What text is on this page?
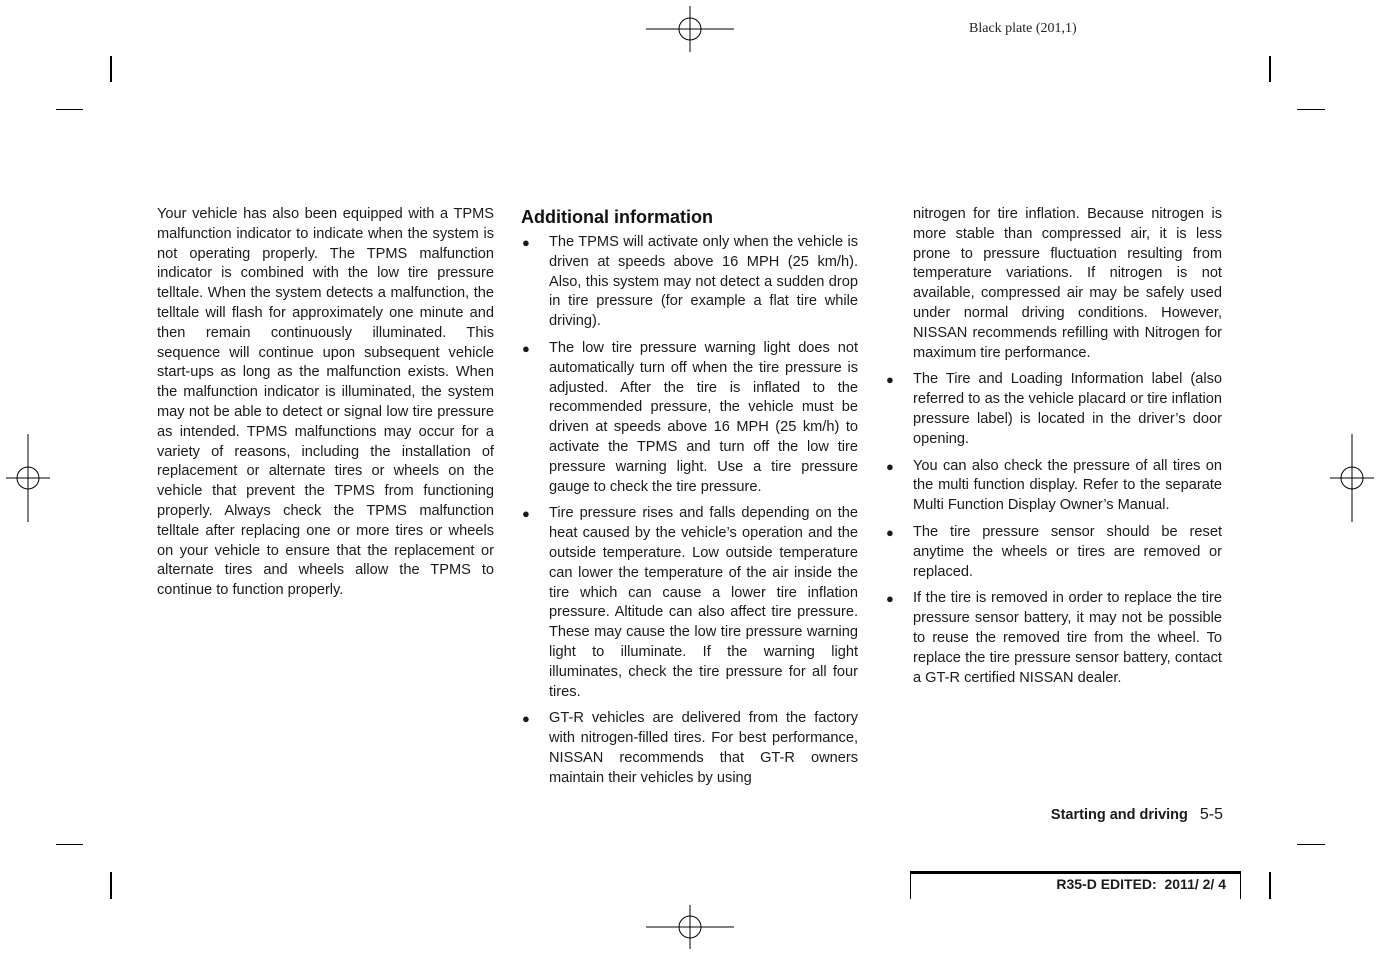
Black plate (201,1)

Your vehicle has also been equipped with a TPMS malfunction indicator to indicate when the system is not operating properly. The TPMS malfunction indicator is combined with the low tire pressure telltale. When the system detects a malfunction, the telltale will flash for approximately one minute and then remain continuously illuminated. This sequence will continue upon subsequent vehicle start-ups as long as the malfunction exists. When the malfunction indicator is illuminated, the system may not be able to detect or signal low tire pressure as intended. TPMS malfunctions may occur for a variety of reasons, including the installation of replacement or alternate tires or wheels on the vehicle that prevent the TPMS from functioning properly. Always check the TPMS malfunction telltale after replacing one or more tires or wheels on your vehicle to ensure that the replacement or alternate tires and wheels allow the TPMS to continue to function properly.

Additional information
● The TPMS will activate only when the vehicle is driven at speeds above 16 MPH (25 km/h). Also, this system may not detect a sudden drop in tire pressure (for example a flat tire while driving).
● The low tire pressure warning light does not automatically turn off when the tire pressure is adjusted. After the tire is inflated to the recommended pressure, the vehicle must be driven at speeds above 16 MPH (25 km/h) to activate the TPMS and turn off the low tire pressure warning light. Use a tire pressure gauge to check the tire pressure.
● Tire pressure rises and falls depending on the heat caused by the vehicle’s operation and the outside temperature. Low outside temperature can lower the temperature of the air inside the tire which can cause a lower tire inflation pressure. Altitude can also affect tire pressure. These may cause the low tire pressure warning light to illuminate. If the warning light illuminates, check the tire pressure for all four tires.
● GT-R vehicles are delivered from the factory with nitrogen-filled tires. For best performance, NISSAN recommends that GT-R owners maintain their vehicles by using

nitrogen for tire inflation. Because nitrogen is more stable than compressed air, it is less prone to pressure fluctuation resulting from temperature variations. If nitrogen is not available, compressed air may be safely used under normal driving conditions. However, NISSAN recommends refilling with Nitrogen for maximum tire performance.

● The Tire and Loading Information label (also referred to as the vehicle placard or tire inflation pressure label) is located in the driver’s door opening.
● You can also check the pressure of all tires on the multi function display. Refer to the separate Multi Function Display Owner’s Manual.
● The tire pressure sensor should be reset anytime the wheels or tires are removed or replaced.
● If the tire is removed in order to replace the tire pressure sensor battery, it may not be possible to reuse the removed tire from the wheel. To replace the tire pressure sensor battery, contact a GT-R certified NISSAN dealer.
Starting and driving 5-5
R35-D EDITED:  2011/ 2/ 4
